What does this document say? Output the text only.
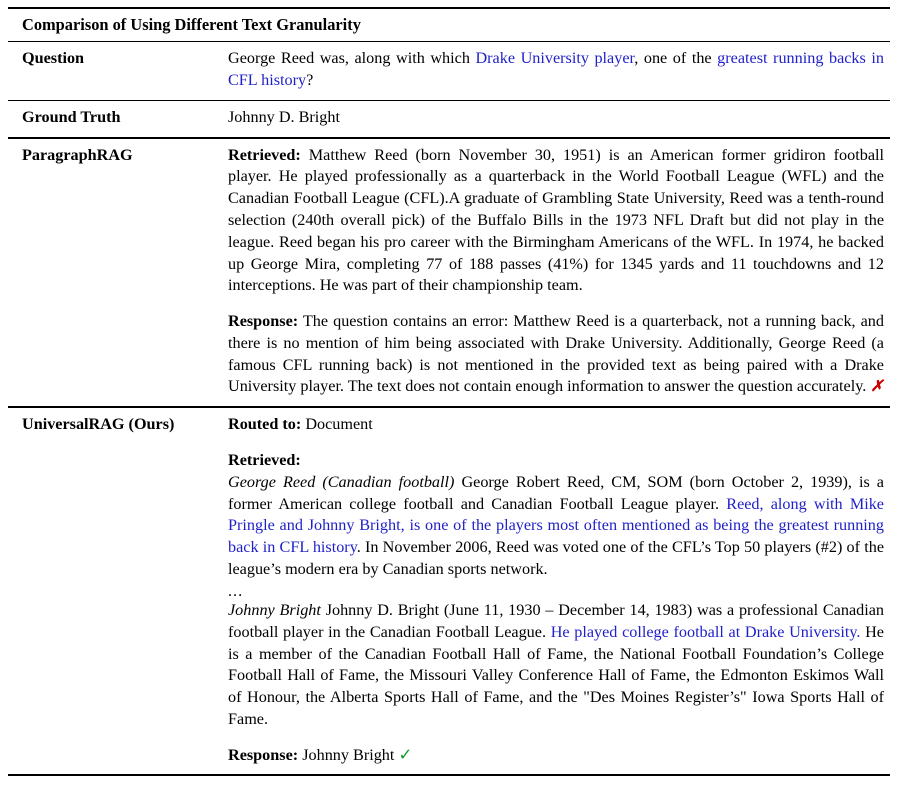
Comparison of Using Different Text Granularity	
Question	George Reed was, along with which Drake University player, one of the greatest running backs in CFL history?

Ground Truth	Johnny D. Bright

ParagraphRAG	Retrieved: Matthew Reed (born November 30, 1951) is an American former gridiron football player. He played professionally as a quarterback in the World Football League (WFL) and the Canadian Football League (CFL).A graduate of Grambling State University, Reed was a tenth-round selection (240th overall pick) of the Buffalo Bills in the 1973 NFL Draft but did not play in the league. Reed began his pro career with the Birmingham Americans of the WFL. In 1974, he backed up George Mira, completing 77 of 188 passes (41%) for 1345 yards and 11 touchdowns and 12 interceptions. He was part of their championship team.

Response: The question contains an error: Matthew Reed is a quarterback, not a running back, and there is no mention of him being associated with Drake University. Additionally, George Reed (a famous CFL running back) is not mentioned in the provided text as being paired with a Drake University player. The text does not contain enough information to answer the question accurately. ✗

UniversalRAG (Ours)	Routed to: Document

Retrieved:

George Reed (Canadian football) George Robert Reed, CM, SOM (born October 2, 1939), is a former American college football and Canadian Football League player. Reed, along with Mike Pringle and Johnny Bright, is one of the players most often mentioned as being the greatest running back in CFL history. In November 2006, Reed was voted one of the CFL’s Top 50 players (#2) of the league’s modern era by Canadian sports network.

...

Johnny Bright Johnny D. Bright (June 11, 1930 – December 14, 1983) was a professional Canadian football player in the Canadian Football League. He played college football at Drake University. He is a member of the Canadian Football Hall of Fame, the National Football Foundation’s College Football Hall of Fame, the Missouri Valley Conference Hall of Fame, the Edmonton Eskimos Wall of Honour, the Alberta Sports Hall of Fame, and the "Des Moines Register’s" Iowa Sports Hall of Fame.

Response: Johnny Bright ✓
